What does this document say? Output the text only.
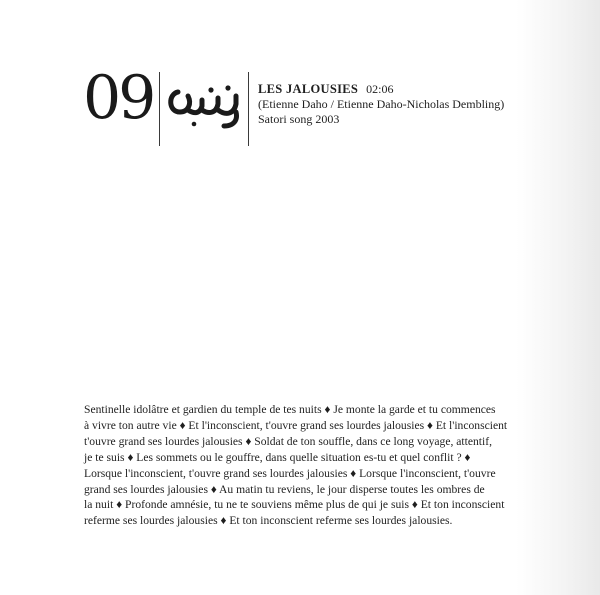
09	LES JALOUSIES 02:06
(Etienne Daho / Etienne Daho-Nicholas Dembling)
Satori song 2003
Sentinelle idolâtre et gardien du temple de tes nuits ♦ Je monte la garde et tu commences
à vivre ton autre vie ♦ Et l'inconscient, t'ouvre grand ses lourdes jalousies ♦ Et l'inconscient
t'ouvre grand ses lourdes jalousies ♦ Soldat de ton souffle, dans ce long voyage, attentif,
je te suis ♦ Les sommets ou le gouffre, dans quelle situation es-tu et quel conflit ? ♦
Lorsque l'inconscient, t'ouvre grand ses lourdes jalousies ♦ Lorsque l'inconscient, t'ouvre
grand ses lourdes jalousies ♦ Au matin tu reviens, le jour disperse toutes les ombres de
la nuit ♦ Profonde amnésie, tu ne te souviens même plus de qui je suis ♦ Et ton inconscient
referme ses lourdes jalousies ♦ Et ton inconscient referme ses lourdes jalousies.
